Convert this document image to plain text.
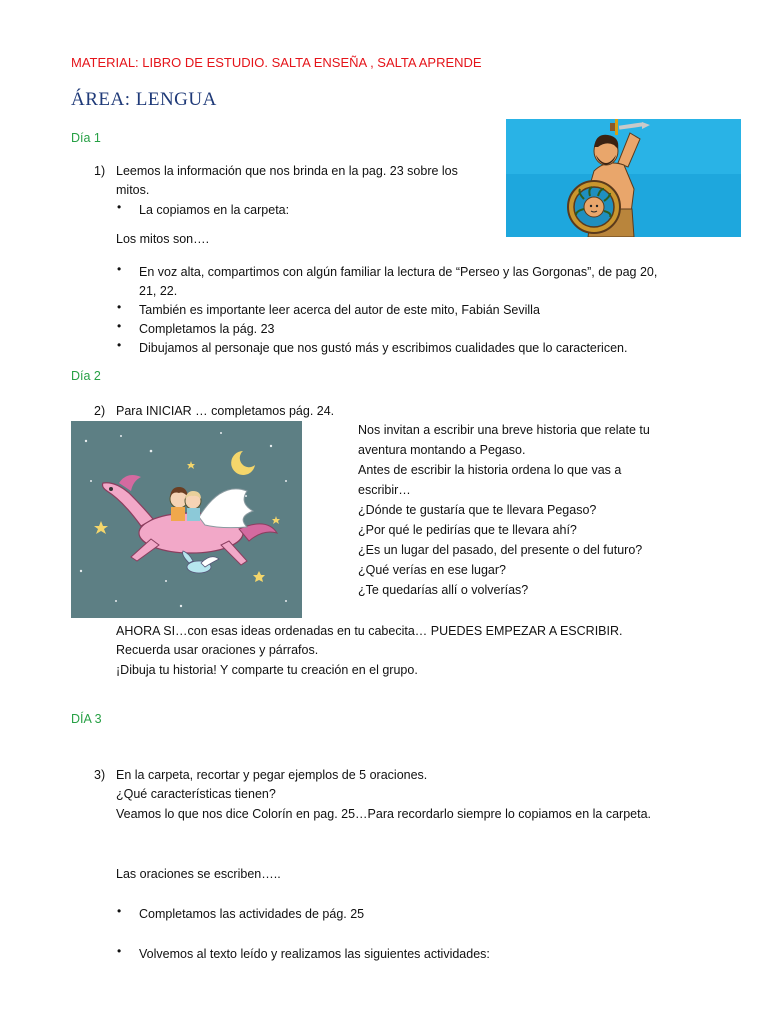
MATERIAL: LIBRO DE ESTUDIO. SALTA ENSEÑA , SALTA APRENDE
ÁREA: LENGUA
Día 1
1) Leemos la información que nos brinda en la pag. 23 sobre los
mitos.
• La copiamos en la carpeta:
Los mitos son….
• En voz alta, compartimos con algún familiar la lectura de “Perseo y las Gorgonas”, de pag 20,
21, 22.
• También es importante leer acerca del autor de este mito, Fabián Sevilla
• Completamos la pág. 23
• Dibujamos al personaje que nos gustó más y escribimos cualidades que lo caractericen.
Día 2
2) Para INICIAR … completamos pág. 24.
Nos invitan a escribir una breve historia que relate tu
aventura montando a Pegaso.
Antes de escribir la historia ordena lo que vas a
escribir…
¿Dónde te gustaría que te llevara Pegaso?
¿Por qué le pedirías que te llevara ahí?
¿Es un lugar del pasado, del presente o del futuro?
¿Qué verías en ese lugar?
¿Te quedarías allí o volverías?
AHORA SI…con esas ideas ordenadas en tu cabecita… PUEDES EMPEZAR A ESCRIBIR.
Recuerda usar oraciones y párrafos.
¡Dibuja tu historia! Y comparte tu creación en el grupo.
DÍA 3
3) En la carpeta, recortar y pegar ejemplos de 5 oraciones.
¿Qué características tienen?
Veamos lo que nos dice Colorín en pag. 25…Para recordarlo siempre lo copiamos en la carpeta.
Las oraciones se escriben…..
• Completamos las actividades de pág. 25
• Volvemos al texto leído y realizamos las siguientes actividades:
